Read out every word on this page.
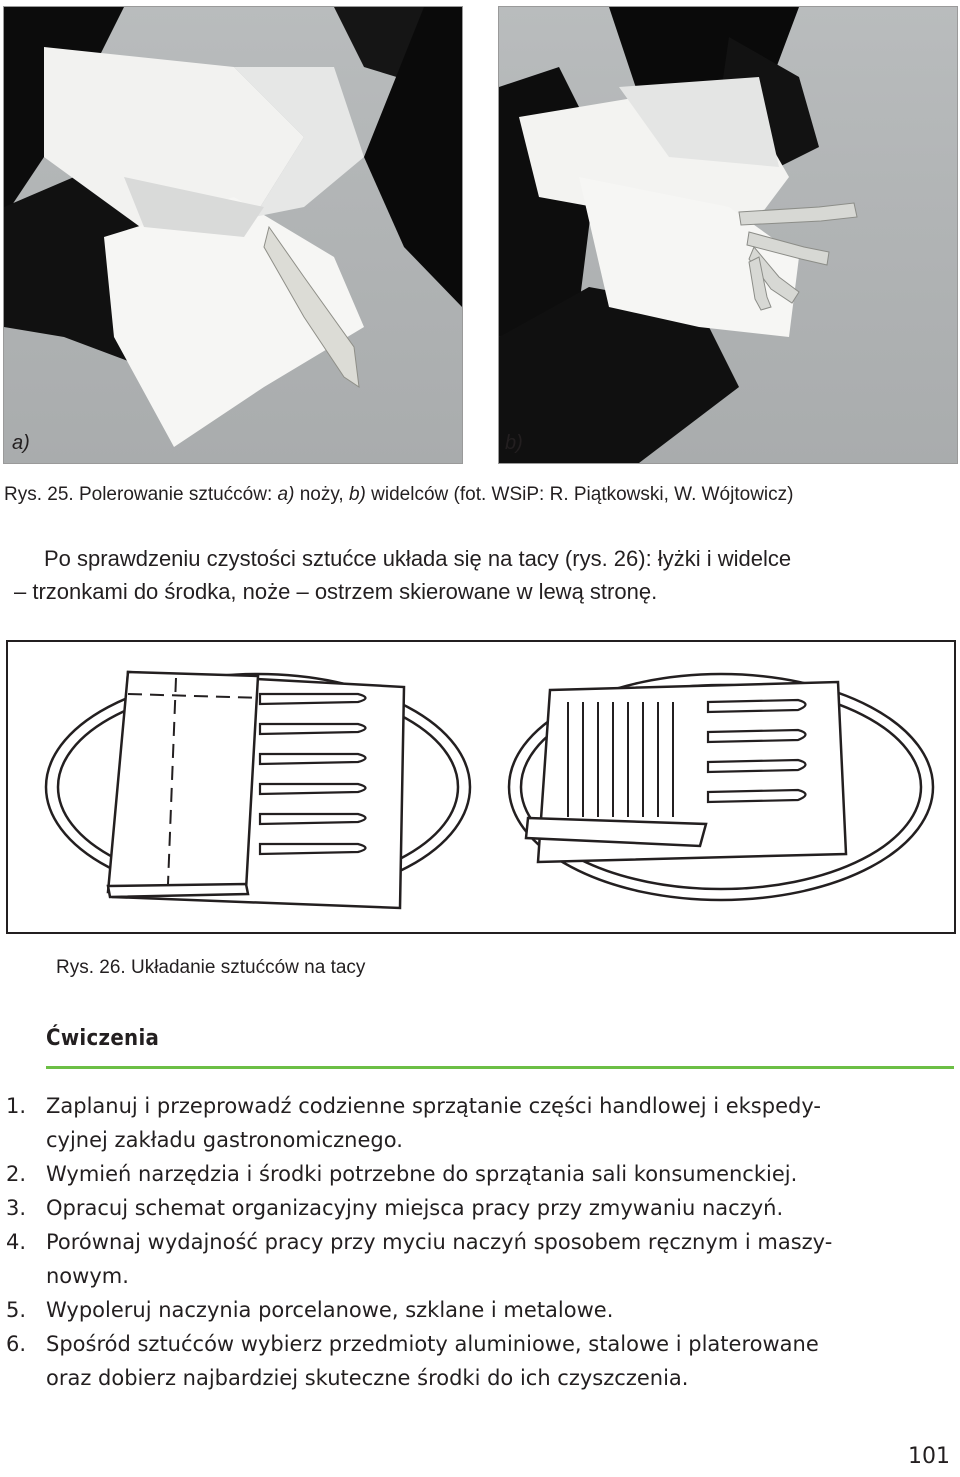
a)	b)
Rys. 25. Polerowanie sztućców: a) noży, b) widelców (fot. WSiP: R. Piątkowski, W. Wójtowicz)
Po sprawdzeniu czystości sztućce układa się na tacy (rys. 26): łyżki i widelce
– trzonkami do środka, noże – ostrzem skierowane w lewą stronę.
Rys. 26. Układanie sztućców na tacy
Ćwiczenia
1. Zaplanuj i przeprowadź codzienne sprzątanie części handlowej i ekspedy-
cyjnej zakładu gastronomicznego.
2. Wymień narzędzia i środki potrzebne do sprzątania sali konsumenckiej.
3. Opracuj schemat organizacyjny miejsca pracy przy zmywaniu naczyń.
4. Porównaj wydajność pracy przy myciu naczyń sposobem ręcznym i maszy-
nowym.
5. Wypoleruj naczynia porcelanowe, szklane i metalowe.
6. Spośród sztućców wybierz przedmioty aluminiowe, stalowe i platerowane
oraz dobierz najbardziej skuteczne środki do ich czyszczenia.
101
